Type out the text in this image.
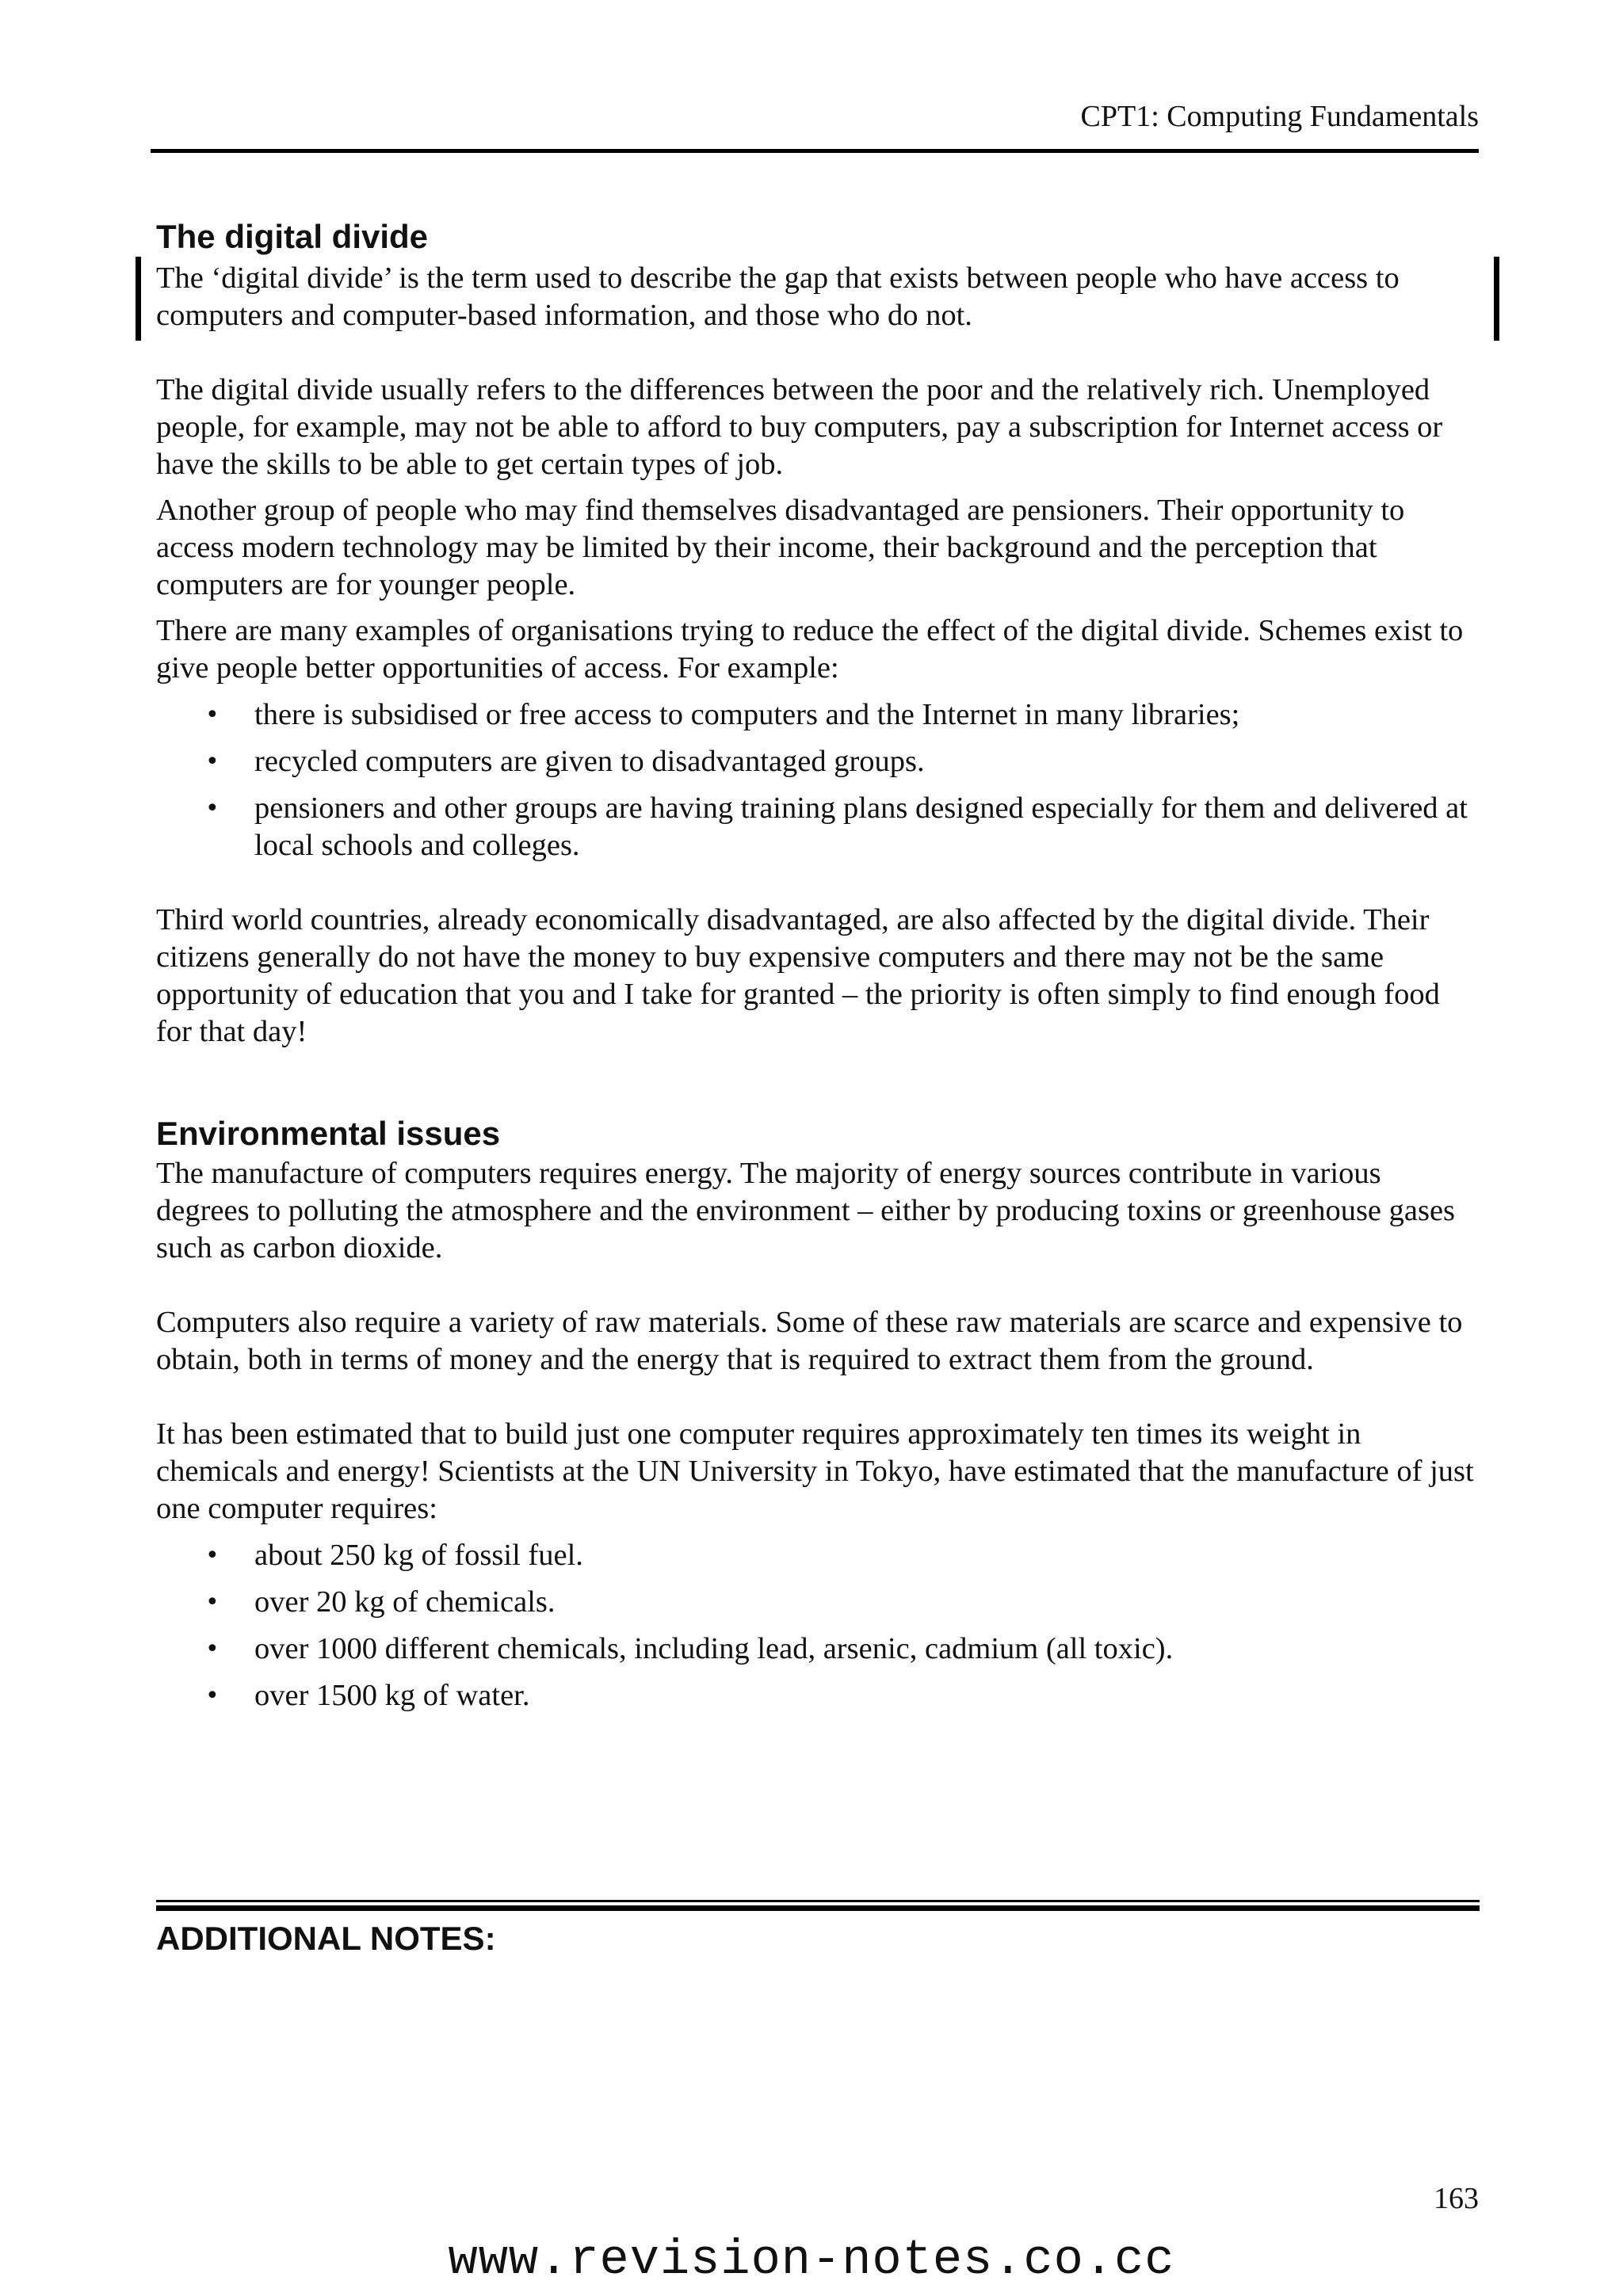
CPT1: Computing Fundamentals
The digital divide

The ‘digital divide’ is the term used to describe the gap that exists between people who have access to computers and computer-based information, and those who do not.

The digital divide usually refers to the differences between the poor and the relatively rich. Unemployed people, for example, may not be able to afford to buy computers, pay a subscription for Internet access or have the skills to be able to get certain types of job.

Another group of people who may find themselves disadvantaged are pensioners. Their opportunity to access modern technology may be limited by their income, their background and the perception that computers are for younger people.

There are many examples of organisations trying to reduce the effect of the digital divide. Schemes exist to give people better opportunities of access. For example:

• there is subsidised or free access to computers and the Internet in many libraries;
• recycled computers are given to disadvantaged groups.
• pensioners and other groups are having training plans designed especially for them and delivered at local schools and colleges.

Third world countries, already economically disadvantaged, are also affected by the digital divide. Their citizens generally do not have the money to buy expensive computers and there may not be the same opportunity of education that you and I take for granted – the priority is often simply to find enough food for that day!

Environmental issues

The manufacture of computers requires energy. The majority of energy sources contribute in various degrees to polluting the atmosphere and the environment – either by producing toxins or greenhouse gases such as carbon dioxide.

Computers also require a variety of raw materials. Some of these raw materials are scarce and expensive to obtain, both in terms of money and the energy that is required to extract them from the ground.

It has been estimated that to build just one computer requires approximately ten times its weight in chemicals and energy! Scientists at the UN University in Tokyo, have estimated that the manufacture of just one computer requires:

• about 250 kg of fossil fuel.
• over 20 kg of chemicals.
• over 1000 different chemicals, including lead, arsenic, cadmium (all toxic).
• over 1500 kg of water.
ADDITIONAL NOTES:
163
www.revision-notes.co.cc
